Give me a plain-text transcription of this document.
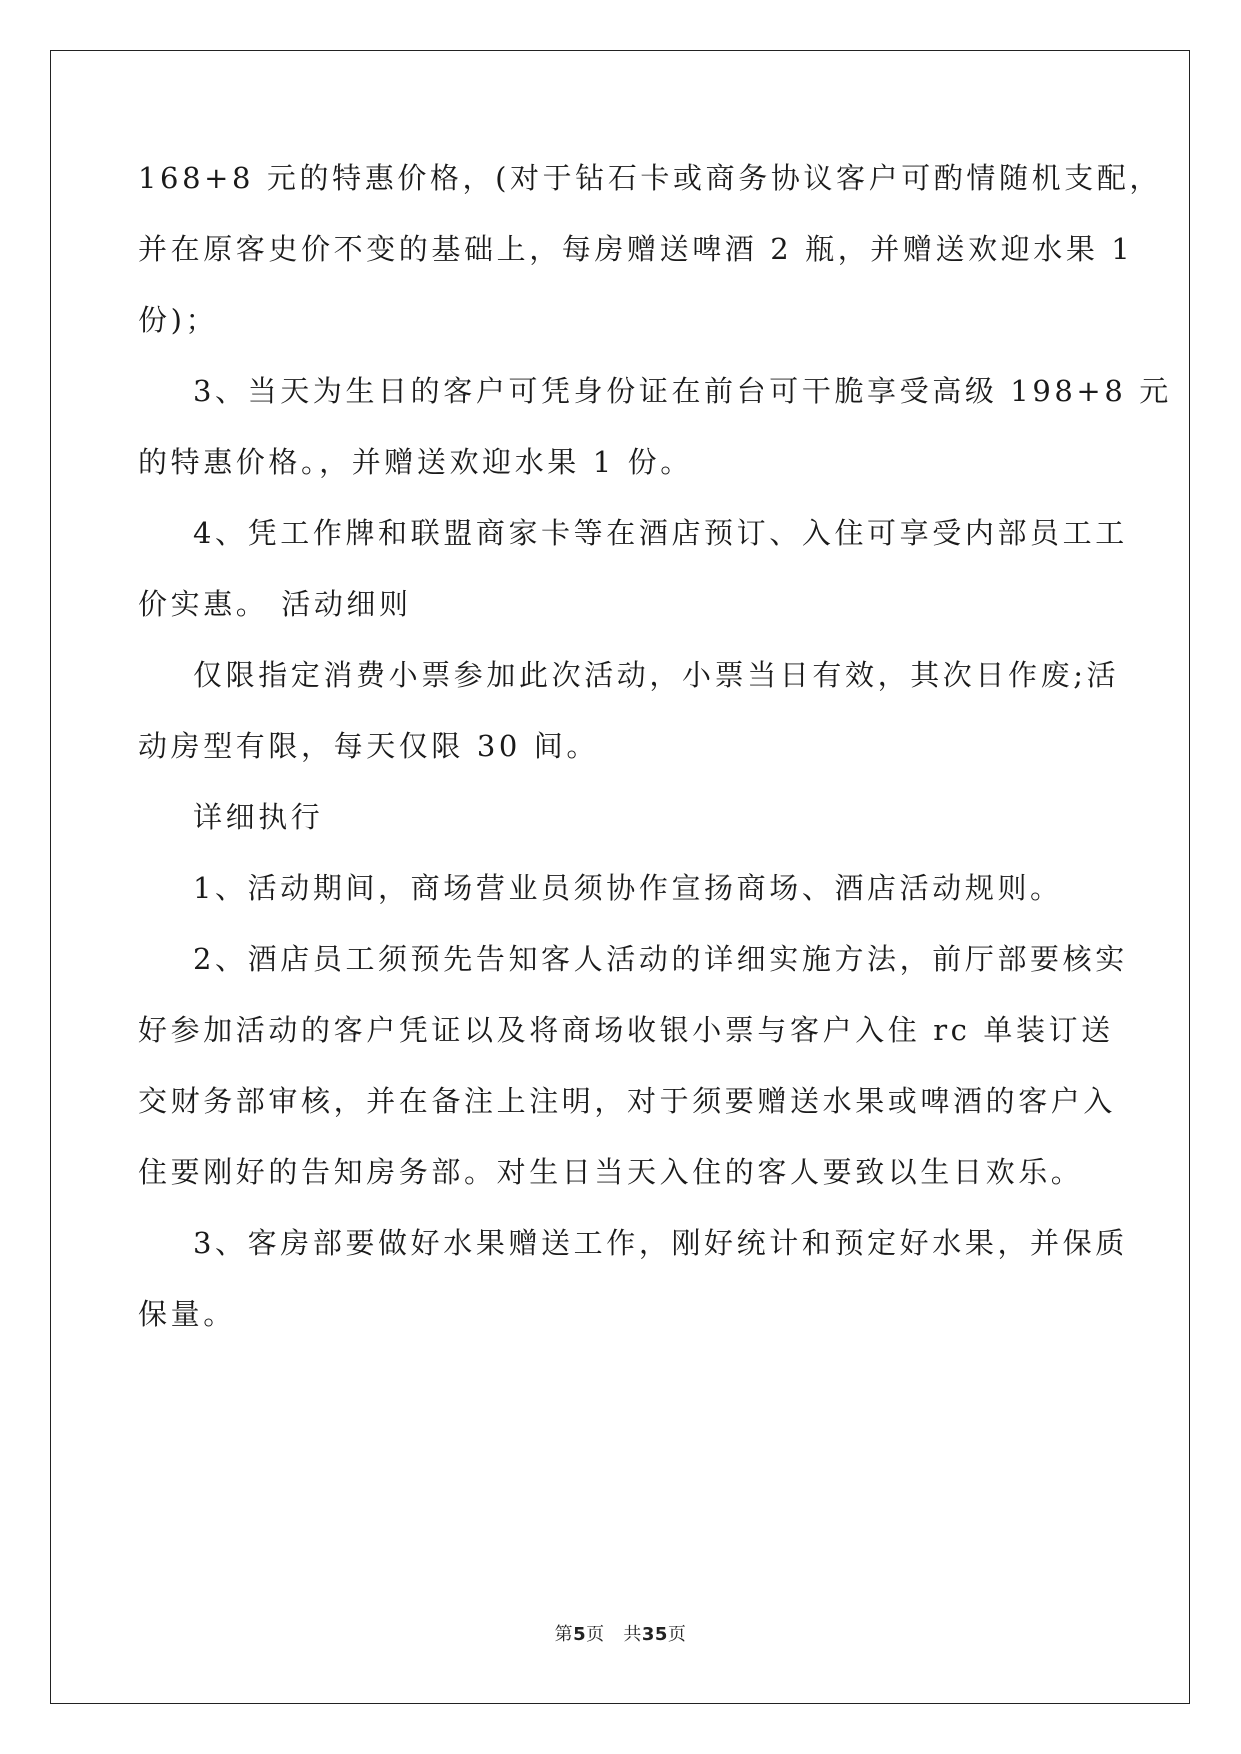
168+8 元的特惠价格，(对于钻石卡或商务协议客户可酌情随机支配，
并在原客史价不变的基础上，每房赠送啤酒 2 瓶，并赠送欢迎水果 1
份)；
3、当天为生日的客户可凭身份证在前台可干脆享受高级 198+8 元
的特惠价格。，并赠送欢迎水果 1 份。
4、凭工作牌和联盟商家卡等在酒店预订、入住可享受内部员工工
价实惠。 活动细则
仅限指定消费小票参加此次活动，小票当日有效，其次日作废;活
动房型有限，每天仅限 30 间。
详细执行
1、活动期间，商场营业员须协作宣扬商场、酒店活动规则。
2、酒店员工须预先告知客人活动的详细实施方法，前厅部要核实
好参加活动的客户凭证以及将商场收银小票与客户入住 rc 单装订送
交财务部审核，并在备注上注明，对于须要赠送水果或啤酒的客户入
住要刚好的告知房务部。对生日当天入住的客人要致以生日欢乐。
3、客房部要做好水果赠送工作，刚好统计和预定好水果，并保质
保量。
第5页 共35页
